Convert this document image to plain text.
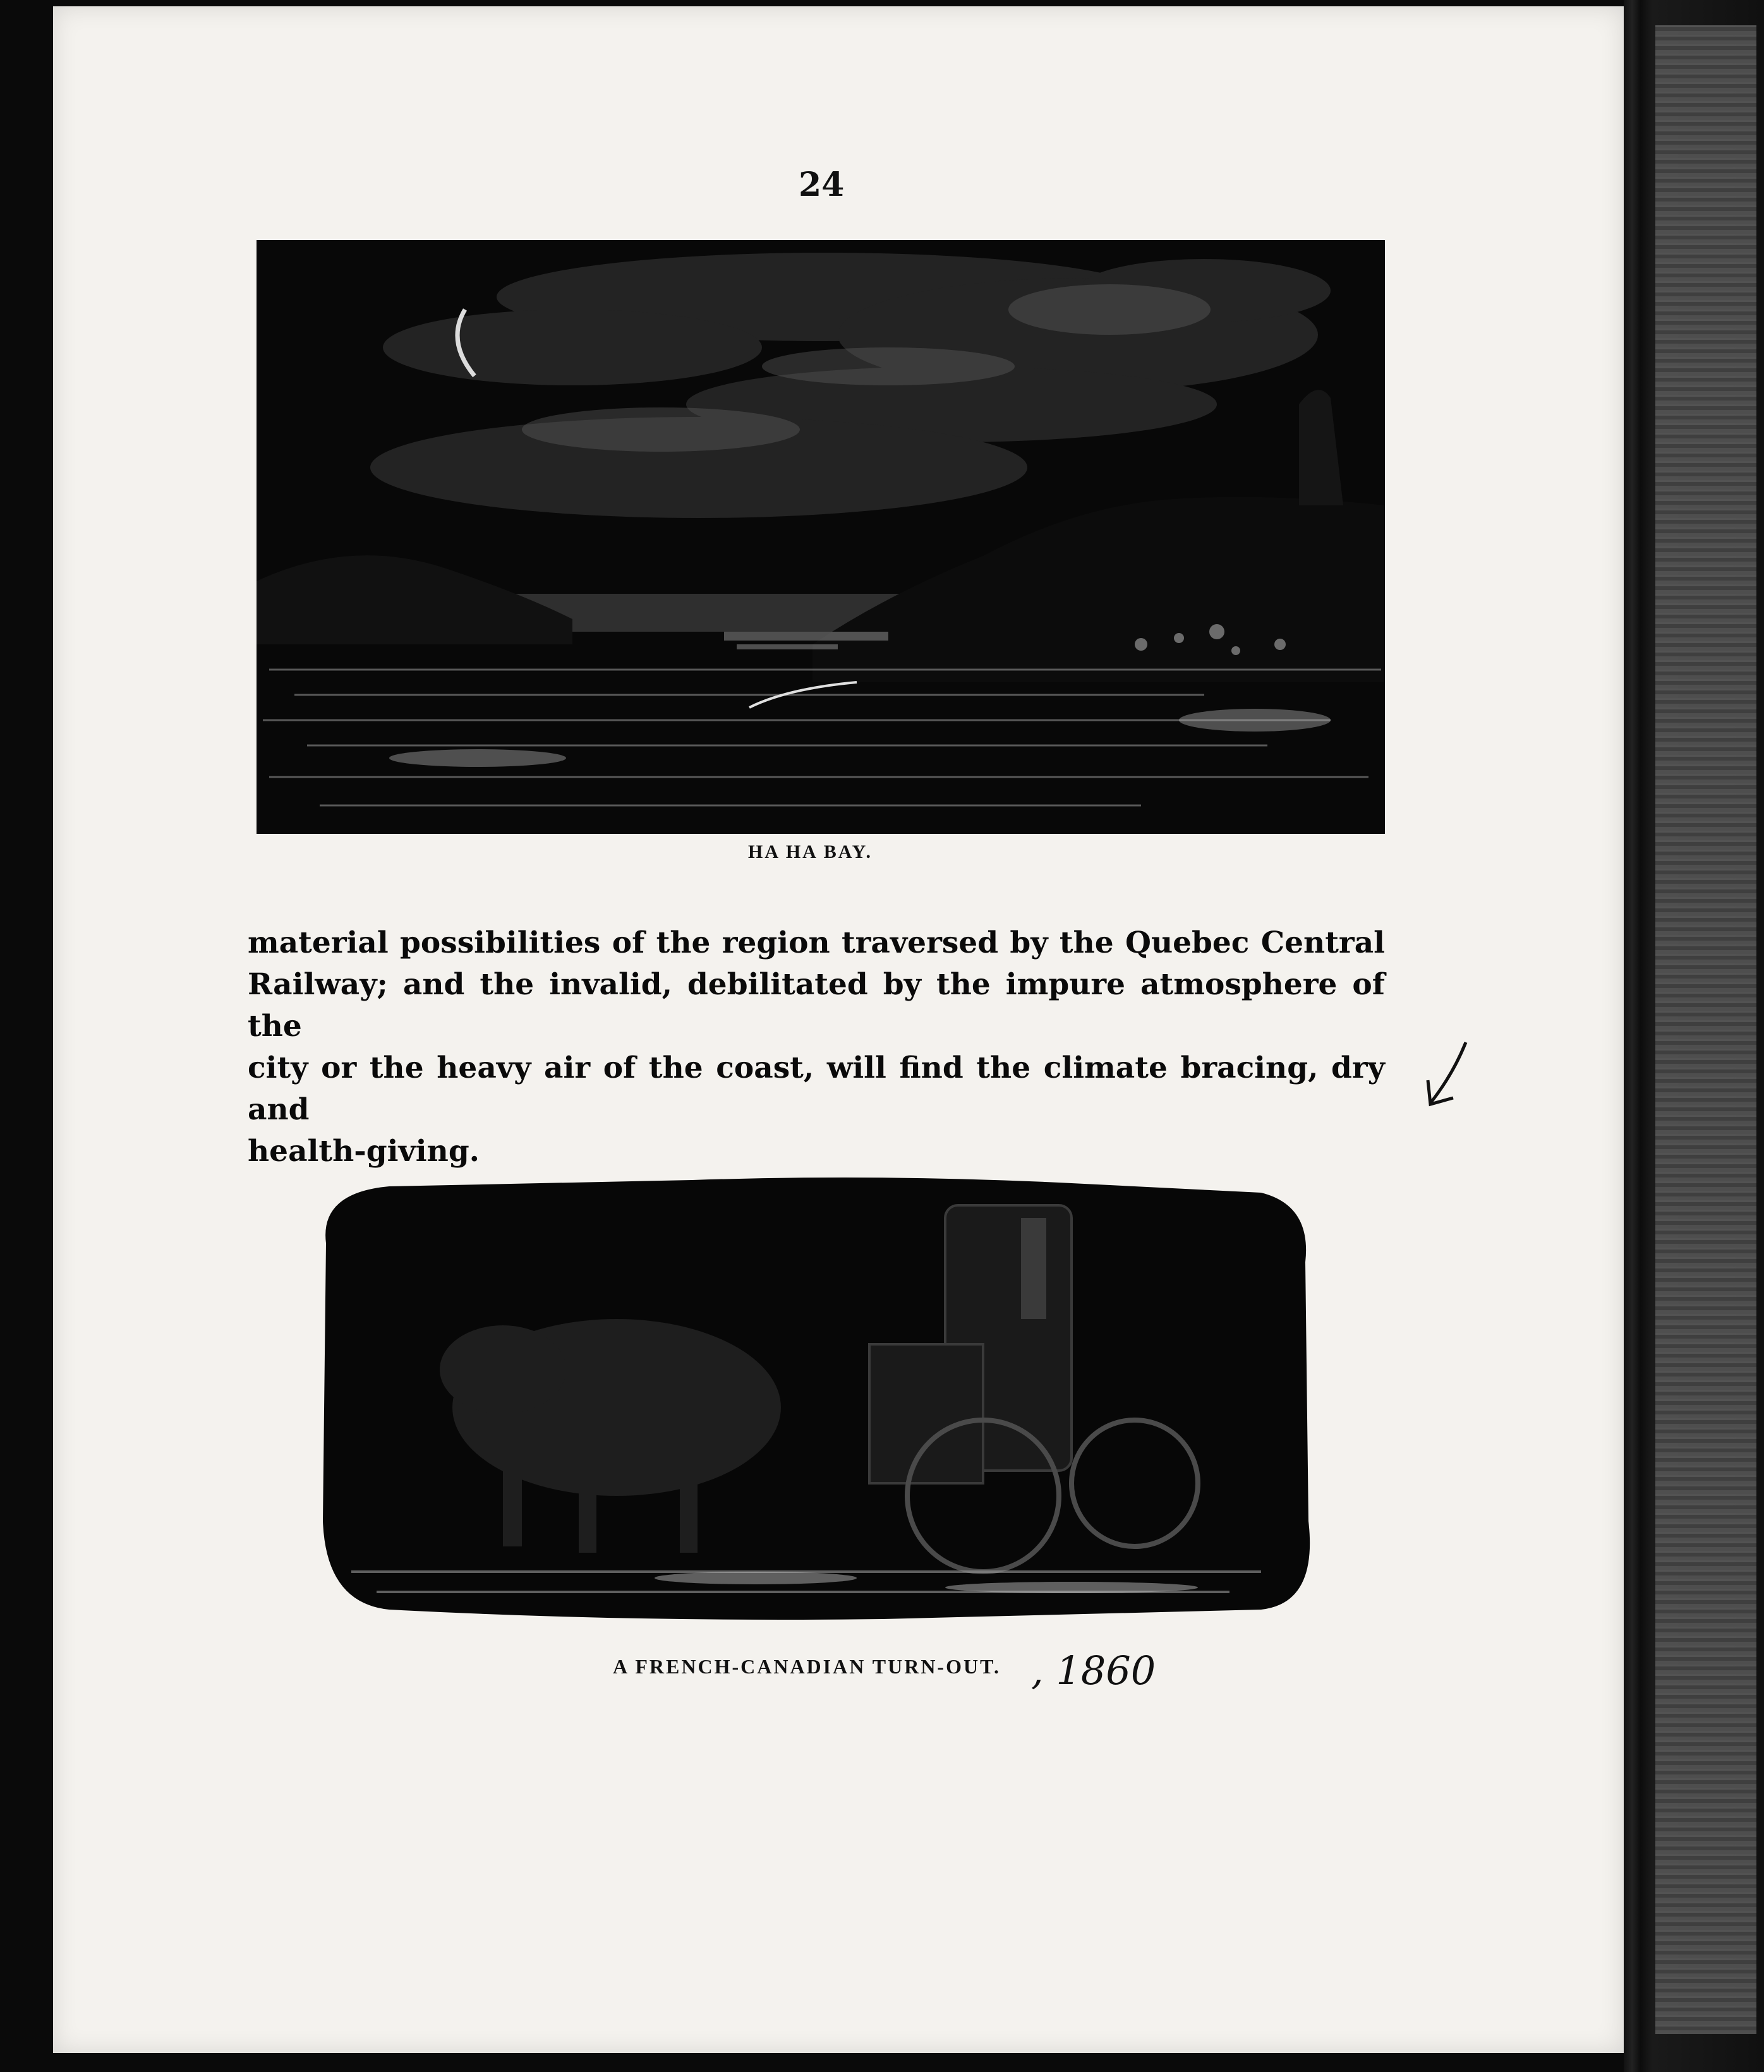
24
HA HA BAY.
material possibilities of the region traversed by the Quebec Central
Railway; and the invalid, debilitated by the impure atmosphere of the
city or the heavy air of the coast, will find the climate bracing, dry and
health-giving.
A FRENCH-CANADIAN TURN-OUT. , 1860
